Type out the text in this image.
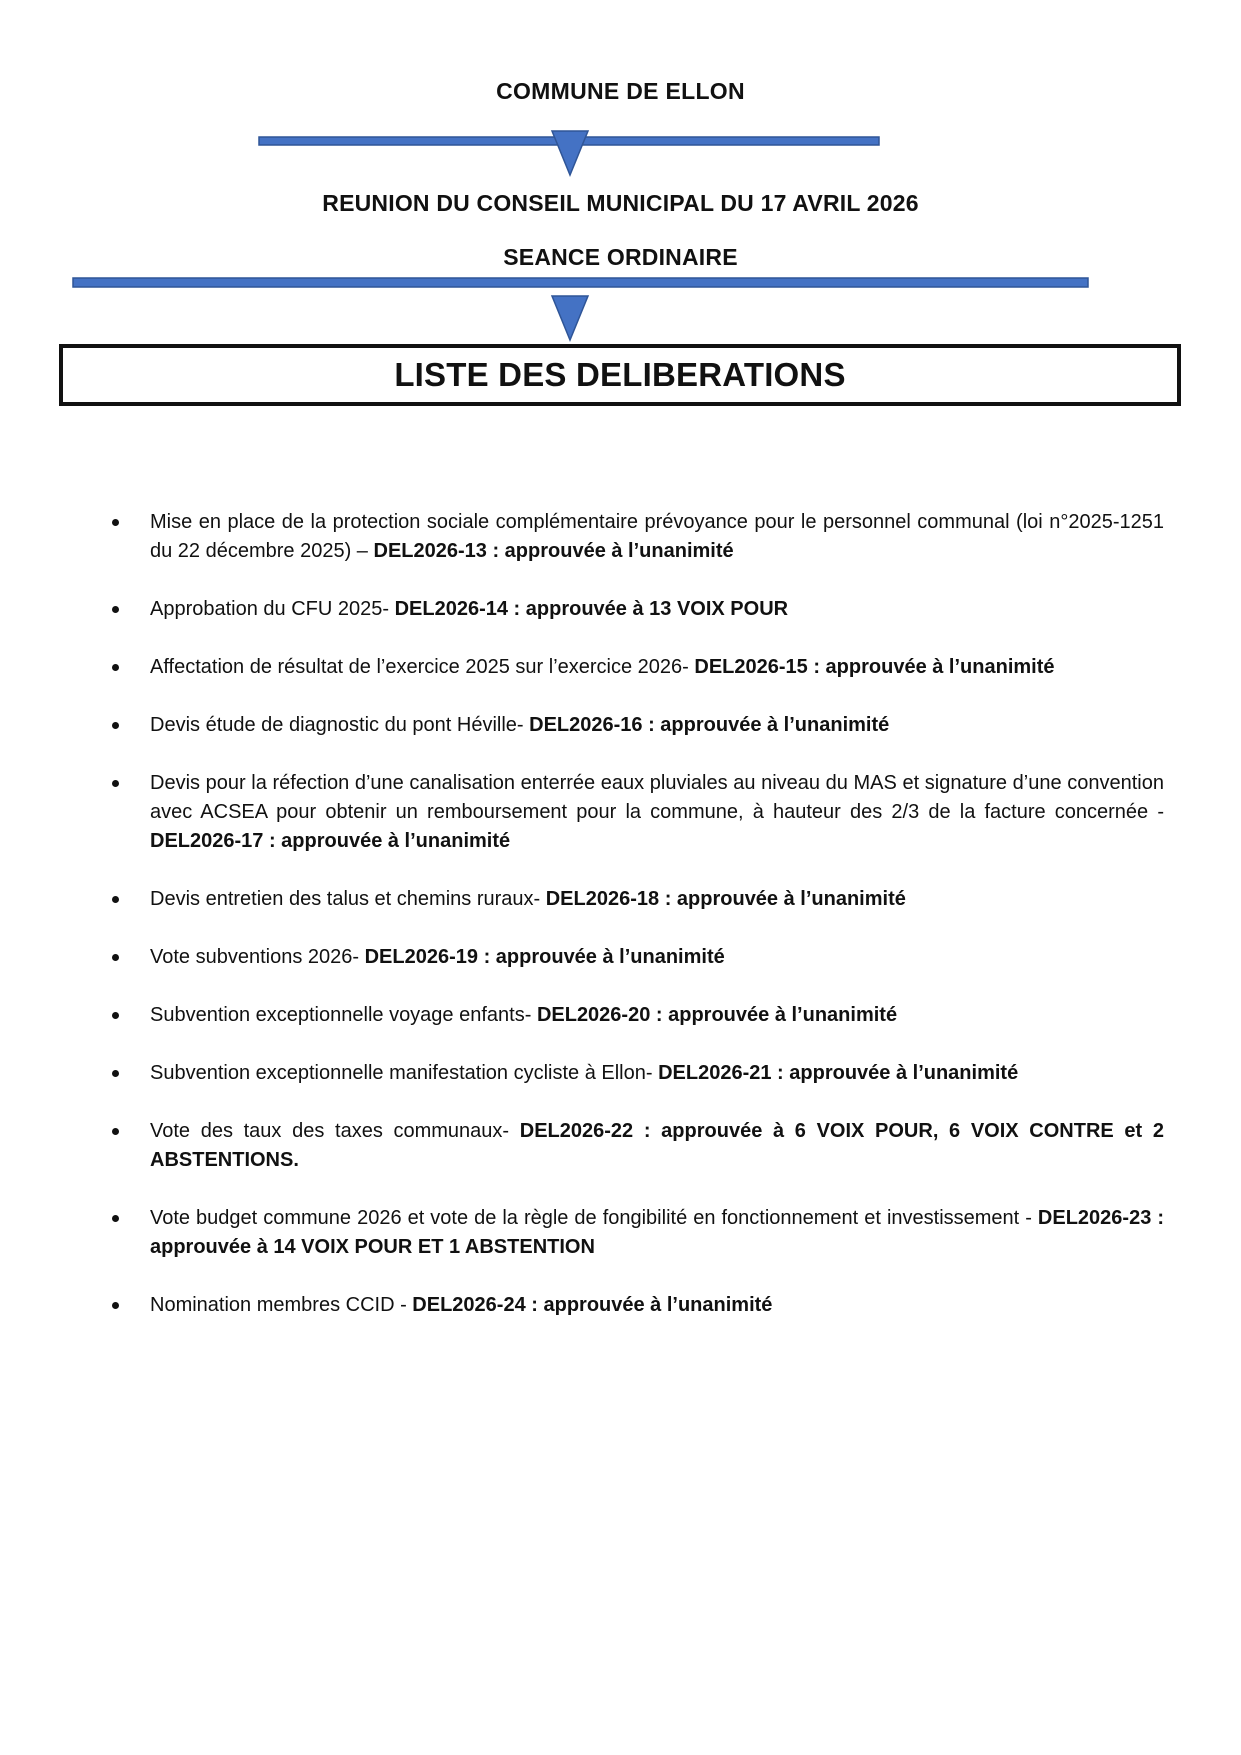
COMMUNE DE ELLON
REUNION DU CONSEIL MUNICIPAL DU 17 AVRIL 2026
SEANCE ORDINAIRE
LISTE DES DELIBERATIONS
Mise en place de la protection sociale complémentaire prévoyance pour le personnel communal (loi n°2025-1251 du 22 décembre 2025) – DEL2026-13 : approuvée à l’unanimité
Approbation du CFU 2025- DEL2026-14 : approuvée à 13 VOIX POUR
Affectation de résultat de l’exercice 2025 sur l’exercice 2026- DEL2026-15 : approuvée à l’unanimité
Devis étude de diagnostic du pont Héville- DEL2026-16 : approuvée à l’unanimité
Devis pour la réfection d’une canalisation enterrée eaux pluviales au niveau du MAS et signature d’une convention avec ACSEA pour obtenir un remboursement pour la commune, à hauteur des 2/3 de la facture concernée - DEL2026-17 : approuvée à l’unanimité
Devis entretien des talus et chemins ruraux- DEL2026-18 : approuvée à l’unanimité
Vote subventions 2026- DEL2026-19 : approuvée à l’unanimité
Subvention exceptionnelle voyage enfants- DEL2026-20 : approuvée à l’unanimité
Subvention exceptionnelle manifestation cycliste à Ellon- DEL2026-21 : approuvée à l’unanimité
Vote des taux des taxes communaux- DEL2026-22 : approuvée à 6 VOIX POUR, 6 VOIX CONTRE et 2 ABSTENTIONS.
Vote budget commune 2026 et vote de la règle de fongibilité en fonctionnement et investissement - DEL2026-23 : approuvée à 14 VOIX POUR ET 1 ABSTENTION
Nomination membres CCID - DEL2026-24 : approuvée à l’unanimité
